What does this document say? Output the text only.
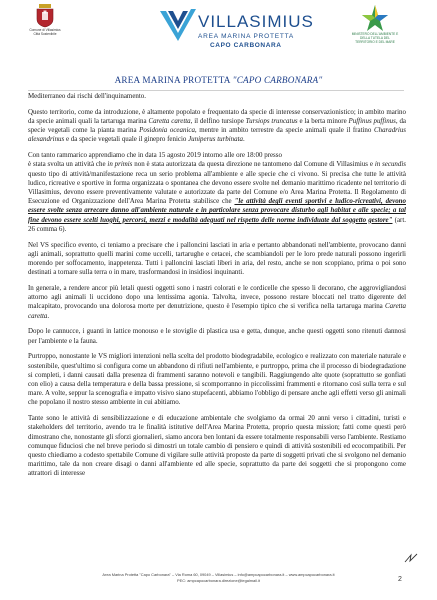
Comune di Villasimius
Città Sostenibile
VILLASIMIUS
AREA MARINA PROTETTA
CAPO CARBONARA
MINISTERO DELL'AMBIENTE E DELLA TUTELA DEL TERRITORIO E DEL MARE
AREA MARINA PROTETTA "CAPO CARBONARA"

Mediterraneo dai rischi dell'inquinamento.

Questo territorio, come da introduzione, è altamente popolato e frequentato da specie di interesse conservazionistico; in ambito marino da specie animali quali la tartaruga marina Caretta caretta, il delfino tursiope Tursiops truncatus e la berta minore Puffinus puffinus, da specie vegetali come la pianta marina Posidonia oceanica, mentre in ambito terrestre da specie animali quale il fratino Charadrius alexandrinus e da specie vegetali quale il ginepro fenicio Juniperus turbinata.

Con tanto rammarico apprendiamo che in data 15 agosto 2019 intorno alle ore 18:00 presso
è stata svolta un attività che in primis non è stata autorizzata da questa direzione ne tantomeno dal Comune di Villasimius e in secundis questo tipo di attività/manifestazione reca un serio problema all'ambiente e alle specie che ci vivono. Si precisa che tutte le attività ludico, ricreative e sportive in forma organizzata o spontanea che devono essere svolte nel demanio marittimo ricadente nel territorio di Villasimius, devono essere preventivamente valutate e autorizzate da parte del Comune e/o Area Marina Protetta. Il Regolamento di Esecuzione ed Organizzazione dell'Area Marina Protetta stabilisce che "le attività degli eventi sportivi e ludico-ricreativi, devono essere svolte senza arrecare danno all'ambiente naturale e in particolare senza provocare disturbo agli habitat e alle specie; a tal fine devono essere scelti luoghi, percorsi, mezzi e modalità adeguati nel rispetto delle norme individuate dal soggetto gestore" (art. 26 comma 6).

Nel VS specifico evento, ci teniamo a precisare che i palloncini lasciati in aria e pertanto abbandonati nell'ambiente, provocano danni agli animali, soprattutto quelli marini come uccelli, tartarughe e cetacei, che scambiandoli per le loro prede naturali possono ingerirli morendo per soffocamento, inappetenza. Tutti i palloncini lasciati liberi in aria, del resto, anche se non scoppiano, prima o poi sono destinati a tornare sulla terra o in mare, trasformandosi in insidiosi inquinanti.

In generale, a rendere ancor più letali questi oggetti sono i nastri colorati e le cordicelle che spesso li decorano, che aggrovigliandosi attorno agli animali li uccidono dopo una lentissima agonia. Talvolta, invece, possono restare bloccati nel tratto digerente del malcapitato, provocando una dolorosa morte per denutrizione, questo è l'esempio tipico che si verifica nella tartaruga marina Caretta caretta.

Dopo le cannucce, i guanti in lattice monouso e le stoviglie di plastica usa e getta, dunque, anche questi oggetti sono ritenuti dannosi per l'ambiente e la fauna.

Purtroppo, nonostante le VS migliori intenzioni nella scelta del prodotto biodegradabile, ecologico e realizzato con materiale naturale e sostenibile, quest'ultimo si configura come un abbandono di rifiuti nell'ambiente, e purtroppo, prima che il processo di biodegradazione si completi, i danni causati dalla presenza di frammenti saranno notevoli e tangibili. Raggiungendo alte quote (soprattutto se gonfiati con elio) a causa della temperatura e della bassa pressione, si scomporranno in piccolissimi frammenti e ritornano così sulla terra e sul mare. A volte, seppur la scenografia e impatto visivo siano stupefacenti, abbiamo l'obbligo di pensare anche agli effetti verso gli animali che popolano il nostro stesso ambiente in cui abitiamo.

Tante sono le attività di sensibilizzazione e di educazione ambientale che svolgiamo da ormai 20 anni verso i cittadini, turisti e stakeholders del territorio, avendo tra le finalità istitutive dell'Area Marina Protetta, proprio questa mission; fatti come questi però dimostrano che, nonostante gli sforzi giornalieri, siamo ancora ben lontani da essere totalmente responsabili verso l'ambiente. Restiamo comunque fiduciosi che nel breve periodo si dimostri un totale cambio di pensiero e quindi di attività sostenibili ed ecocompatibili. Per questo chiediamo a codesto spettabile Comune di vigilare sulle attività proposte da parte di soggetti privati che si svolgono nel demanio marittimo, tale da non creare disagi o danni all'ambiente ed alle specie, soprattutto da parte dei soggetti che si propongono come attrattori di interesse

Area Marina Protetta "Capo Carbonara" – Via Roma 60, 09049 – Villasimius – info@ampcapocarbonara.it – www.ampcapocarbonara.it
PEC: ampcapocarbonara.direzione@legalmail.it	2
